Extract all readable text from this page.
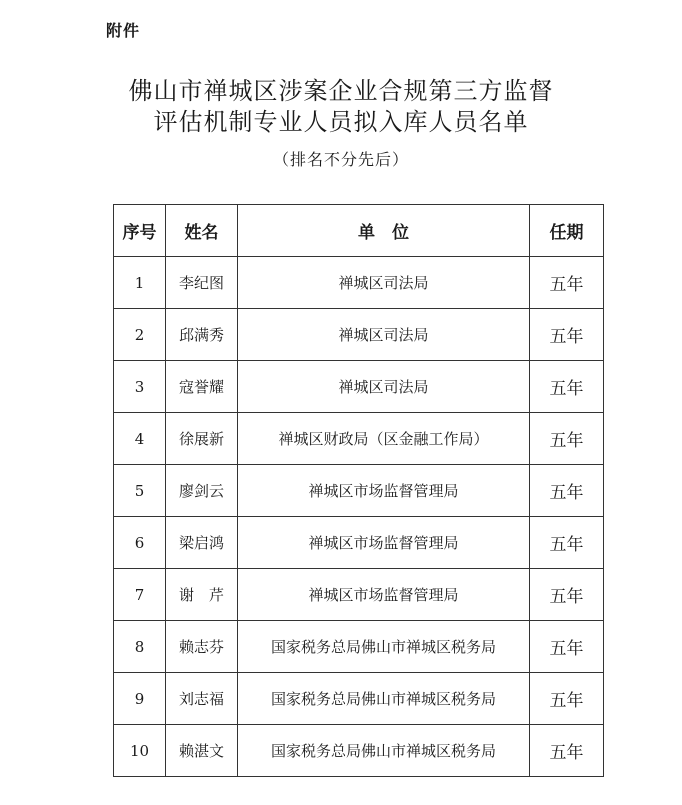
附件
佛山市禅城区涉案企业合规第三方监督
评估机制专业人员拟入库人员名单
（排名不分先后）
序号	姓名	单　位	任期
1	李纪图	禅城区司法局	五年
2	邱满秀	禅城区司法局	五年
3	寇誉耀	禅城区司法局	五年
4	徐展新	禅城区财政局（区金融工作局）	五年
5	廖剑云	禅城区市场监督管理局	五年
6	梁启鸿	禅城区市场监督管理局	五年
7	谢　芹	禅城区市场监督管理局	五年
8	赖志芬	国家税务总局佛山市禅城区税务局	五年
9	刘志福	国家税务总局佛山市禅城区税务局	五年
10	赖湛文	国家税务总局佛山市禅城区税务局	五年
